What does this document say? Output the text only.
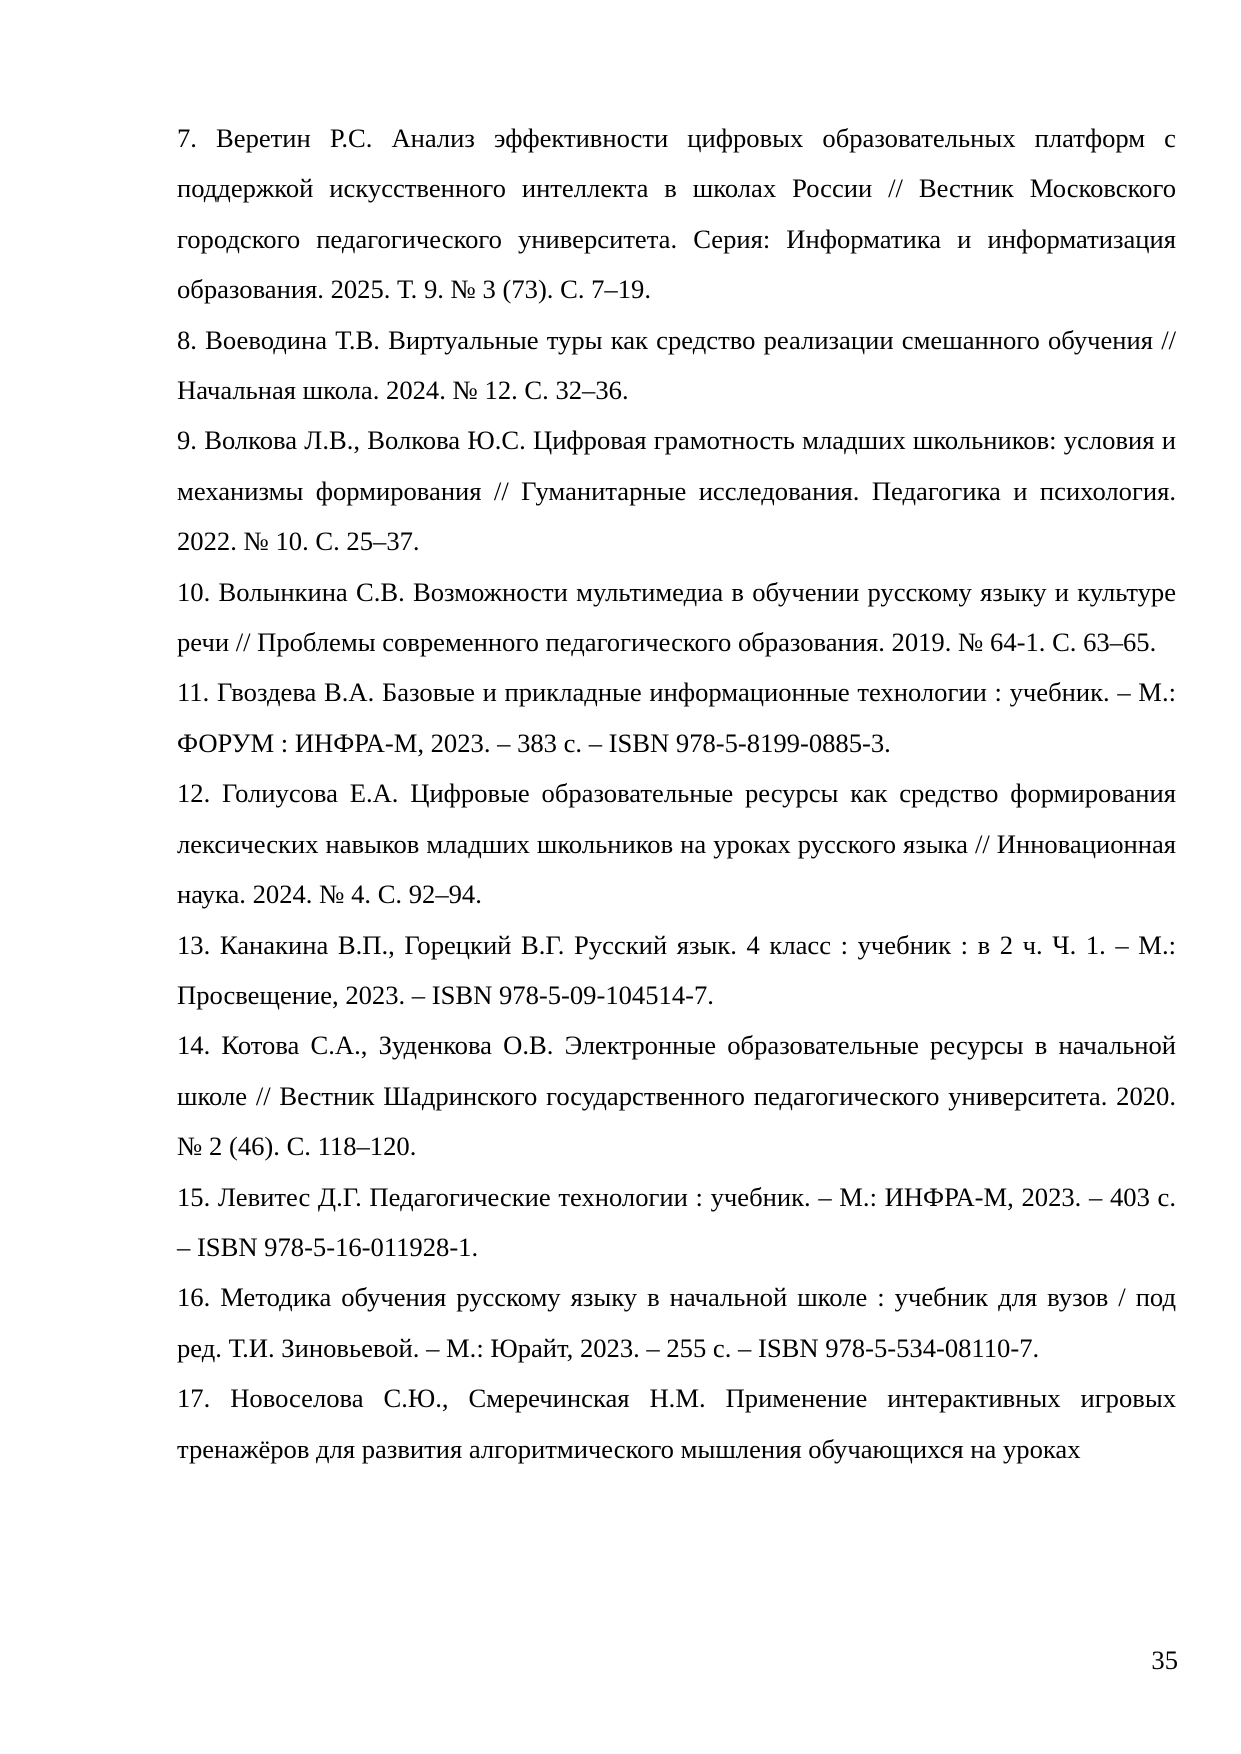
7. Веретин Р.С. Анализ эффективности цифровых образовательных платформ с поддержкой искусственного интеллекта в школах России // Вестник Московского городского педагогического университета. Серия: Информатика и информатизация образования. 2025. Т. 9. № 3 (73). С. 7–19.
8. Воеводина Т.В. Виртуальные туры как средство реализации смешанного обучения // Начальная школа. 2024. № 12. С. 32–36.
9. Волкова Л.В., Волкова Ю.С. Цифровая грамотность младших школьников: условия и механизмы формирования // Гуманитарные исследования. Педагогика и психология. 2022. № 10. С. 25–37.
10. Волынкина С.В. Возможности мультимедиа в обучении русскому языку и культуре речи // Проблемы современного педагогического образования. 2019. № 64-1. С. 63–65.
11. Гвоздева В.А. Базовые и прикладные информационные технологии : учебник. – М.: ФОРУМ : ИНФРА-М, 2023. – 383 с. – ISBN 978-5-8199-0885-3.
12. Голиусова Е.А. Цифровые образовательные ресурсы как средство формирования лексических навыков младших школьников на уроках русского языка // Инновационная наука. 2024. № 4. С. 92–94.
13. Канакина В.П., Горецкий В.Г. Русский язык. 4 класс : учебник : в 2 ч. Ч. 1. – М.: Просвещение, 2023. – ISBN 978-5-09-104514-7.
14. Котова С.А., Зуденкова О.В. Электронные образовательные ресурсы в начальной школе // Вестник Шадринского государственного педагогического университета. 2020. № 2 (46). С. 118–120.
15. Левитес Д.Г. Педагогические технологии : учебник. – М.: ИНФРА-М, 2023. – 403 с. – ISBN 978-5-16-011928-1.
16. Методика обучения русскому языку в начальной школе : учебник для вузов / под ред. Т.И. Зиновьевой. – М.: Юрайт, 2023. – 255 с. – ISBN 978-5-534-08110-7.
17. Новоселова С.Ю., Смеречинская Н.М. Применение интерактивных игровых тренажёров для развития алгоритмического мышления обучающихся на уроках
35
